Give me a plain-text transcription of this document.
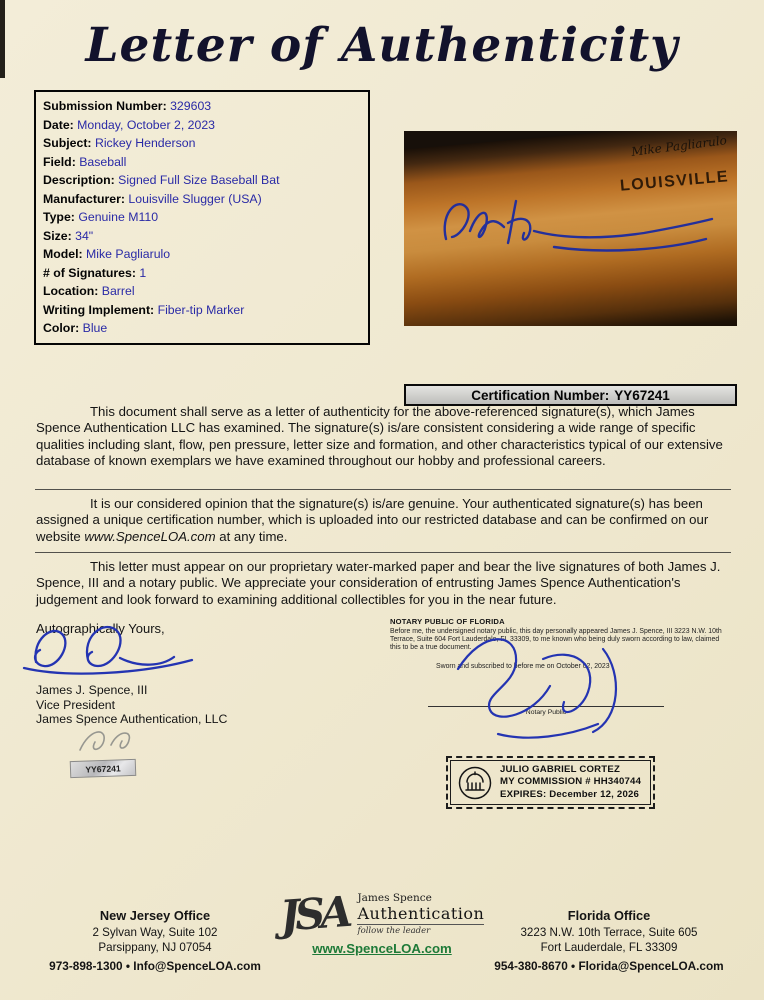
Letter of Authenticity
Submission Number: 329603
Date: Monday, October 2, 2023
Subject: Rickey Henderson
Field: Baseball
Description: Signed Full Size Baseball Bat
Manufacturer: Louisville Slugger (USA)
Type: Genuine M110
Size: 34"
Model: Mike Pagliarulo
# of Signatures: 1
Location: Barrel
Writing Implement: Fiber-tip Marker
Color: Blue
Mike Pagliarulo
LOUISVILLE
Certification Number: YY67241

This document shall serve as a letter of authenticity for the above-referenced signature(s), which James Spence Authentication LLC has examined. The signature(s) is/are consistent considering a wide range of specific qualities including slant, flow, pen pressure, letter size and formation, and other characteristics typical of our extensive database of known exemplars we have examined throughout our hobby and professional careers.

It is our considered opinion that the signature(s) is/are genuine. Your authenticated signature(s) has been assigned a unique certification number, which is uploaded into our restricted database and can be confirmed on our website www.SpenceLOA.com at any time.

This letter must appear on our proprietary water-marked paper and bear the live signatures of both James J. Spence, III and a notary public. We appreciate your consideration of entrusting James Spence Authentication's judgement and look forward to examining additional collectibles for you in the near future.

Autographically Yours,
James J. Spence, III
Vice President
James Spence Authentication, LLC
NOTARY PUBLIC OF FLORIDA
Before me, the undersigned notary public, this day personally appeared James J. Spence, III 3223 N.W. 10th Terrace, Suite 604 Fort Lauderdale, FL 33309, to me known who being duly sworn according to law, claimed this to be a true document.
Sworn and subscribed to before me on October 02, 2023
Notary Public
JULIO GABRIEL CORTEZ
MY COMMISSION # HH340744
EXPIRES: December 12, 2026
YY67241
New Jersey Office
2 Sylvan Way, Suite 102
Parsippany, NJ 07054
973-898-1300 • Info@SpenceLOA.com
JSA James Spence
Authentication
follow the leader
www.SpenceLOA.com
Florida Office
3223 N.W. 10th Terrace, Suite 605
Fort Lauderdale, FL 33309
954-380-8670 • Florida@SpenceLOA.com
